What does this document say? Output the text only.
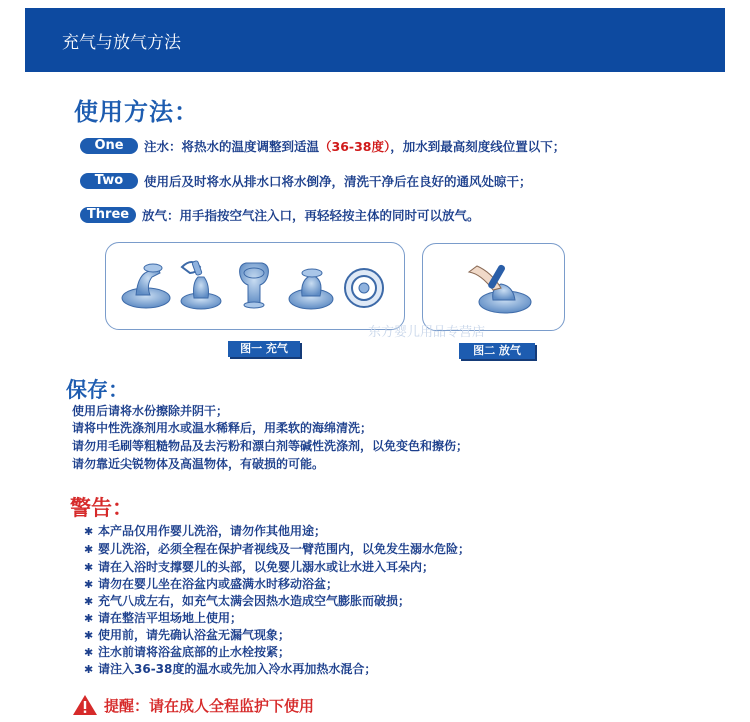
充气与放气方法
使用方法：
One	注水：将热水的温度调整到适温（36-38度），加水到最高刻度线位置以下；
Two	使用后及时将水从排水口将水倒净，清洗干净后在良好的通风处晾干；
Three	放气：用手指按空气注入口，再轻轻按主体的同时可以放气。
图一 充气	图二 放气
东方婴儿用品专营店
保存：
使用后请将水份擦除并阴干；
请将中性洗涤剂用水或温水稀释后，用柔软的海绵清洗；
请勿用毛刷等粗糙物品及去污粉和漂白剂等碱性洗涤剂，以免变色和擦伤；
请勿靠近尖锐物体及高温物体，有破损的可能。
警告：
✱ 本产品仅用作婴儿洗浴，请勿作其他用途；
✱ 婴儿洗浴，必须全程在保护者视线及一臂范围内，以免发生溺水危险；
✱ 请在入浴时支撑婴儿的头部，以免婴儿溺水或让水进入耳朵内；
✱ 请勿在婴儿坐在浴盆内或盛满水时移动浴盆；
✱ 充气八成左右，如充气太满会因热水造成空气膨胀而破损；
✱ 请在整洁平坦场地上使用；
✱ 使用前，请先确认浴盆无漏气现象；
✱ 注水前请将浴盆底部的止水栓按紧；
✱ 请注入36-38度的温水或先加入冷水再加热水混合；
提醒：请在成人全程监护下使用
